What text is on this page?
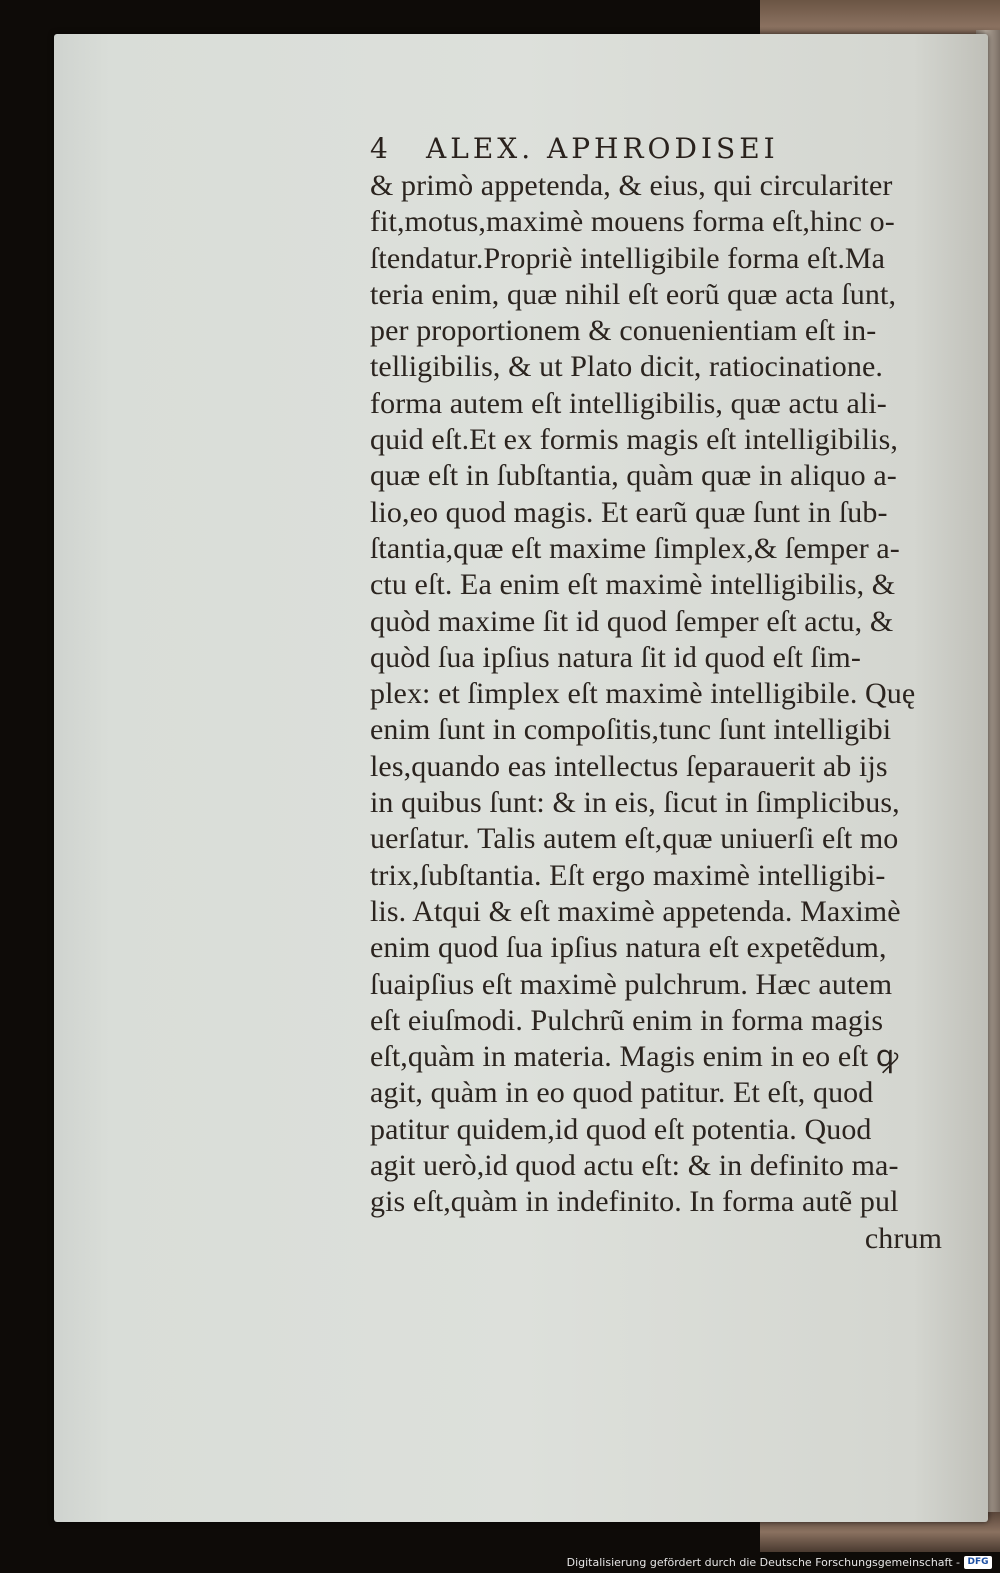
4 ALEX. APHRODISEI
& primò appetenda, & eius, qui circulariter
fit,motus,maximè mouens forma eſt,hinc o-
ſtendatur.Propriè intelligibile forma eſt.Ma
teria enim, quæ nihil eſt eorũ quæ acta ſunt,
per proportionem & conuenientiam eſt in-
telligibilis, & ut Plato dicit, ratiocinatione.
forma autem eſt intelligibilis, quæ actu ali-
quid eſt.Et ex formis magis eſt intelligibilis,
quæ eſt in ſubſtantia, quàm quæ in aliquo a-
lio,eo quod magis. Et earũ quæ ſunt in ſub-
ſtantia,quæ eſt maxime ſimplex,& ſemper a-
ctu eſt. Ea enim eſt maximè intelligibilis, &
quòd maxime ſit id quod ſemper eſt actu, &
quòd ſua ipſius natura ſit id quod eſt ſim-
plex: et ſimplex eſt maximè intelligibile. Quę
enim ſunt in compoſitis,tunc ſunt intelligibi
les,quando eas intellectus ſeparauerit ab ijs
in quibus ſunt: & in eis, ſicut in ſimplicibus,
uerſatur. Talis autem eſt,quæ uniuerſi eſt mo
trix,ſubſtantia. Eſt ergo maximè intelligibi-
lis. Atqui & eſt maximè appetenda. Maximè
enim quod ſua ipſius natura eſt expetẽdum,
ſuaipſius eſt maximè pulchrum. Hæc autem
eſt eiuſmodi. Pulchrũ enim in forma magis
eſt,quàm in materia. Magis enim in eo eſt ꝙ
agit, quàm in eo quod patitur. Et eſt, quod
patitur quidem,id quod eſt potentia. Quod
agit uerò,id quod actu eſt: & in definito ma-
gis eſt,quàm in indefinito. In forma autẽ pul
chrum
Digitalisierung gefördert durch die Deutsche Forschungsgemeinschaft - DFG
